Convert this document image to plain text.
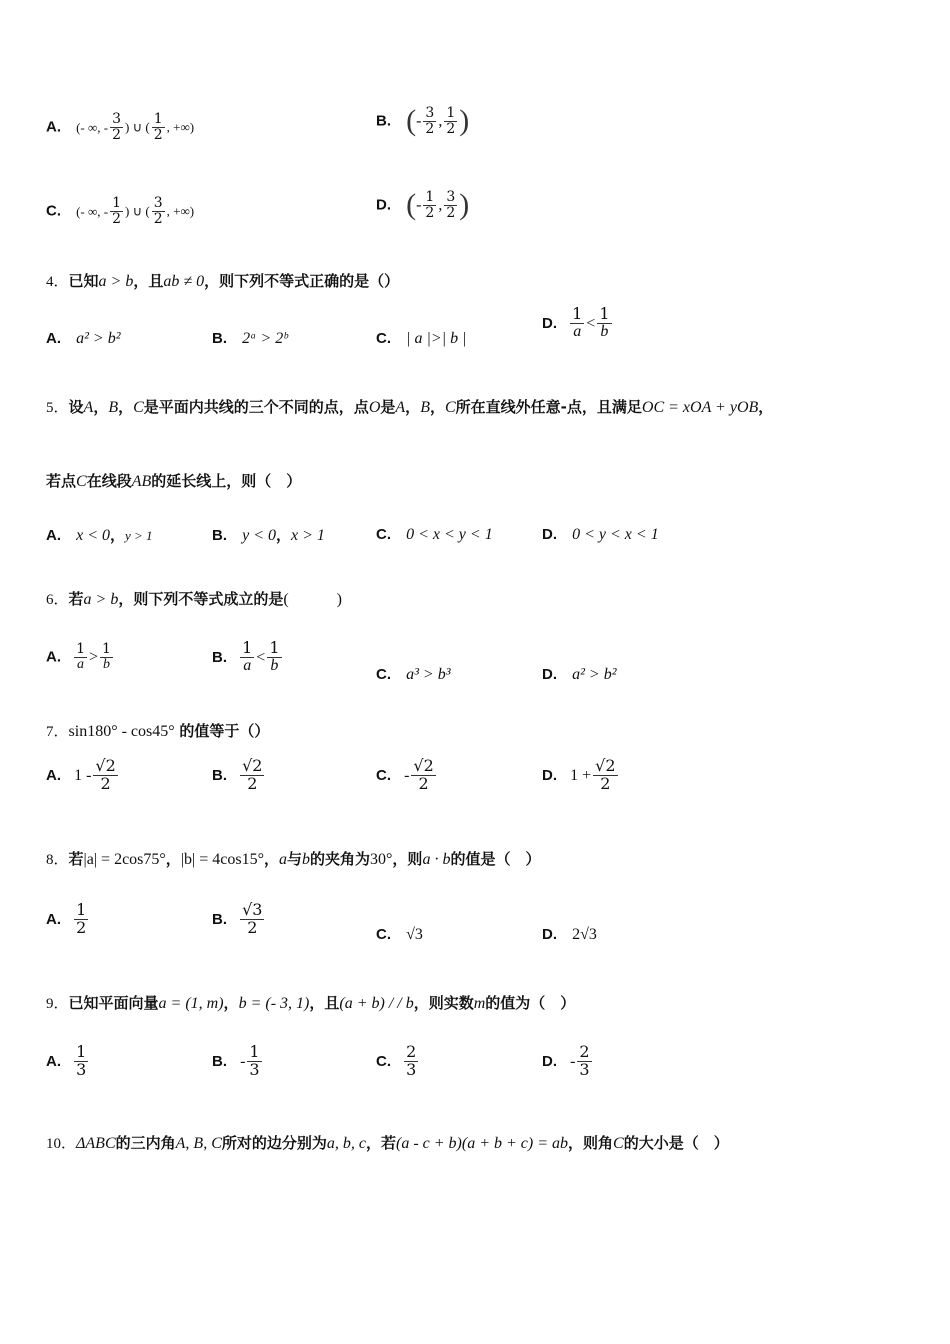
A. (- ∞, - $\frac{3}{2}$ ) ∪ ( $\frac{1}{2}$ , +∞)	B. (- $\frac{3}{2}$ , $\frac{1}{2}$ )
C. (- ∞, - $\frac{1}{2}$ ) ∪ ( $\frac{3}{2}$ , +∞)	D. (- $\frac{1}{2}$ , $\frac{3}{2}$ )
4．已知a > b，且ab ≠ 0，则下列不等式正确的是（）
A. a² > b²	B. 2ᵃ > 2ᵇ	C. | a |>| b |
D. $\frac{1}{a} < \frac{1}{b}$
5．设A，B，C是平面内共线的三个不同的点，点O是A，B，C所在直线外任意-点，且满足OC = xOA + yOB，
若点C在线段AB的延长线上，则（　）
A. x < 0，y > 1	B. y < 0，x > 1	C. 0 < x < y < 1	D. 0 < y < x < 1
6．若a > b，则下列不等式成立的是(　　　)
A. $\frac{1}{a} > \frac{1}{b}$	B. $\frac{1}{a} < \frac{1}{b}$	C. a³ > b³	D. a² > b²
7．sin180° - cos45° 的值等于（）
A. $1 - \frac{√2}{2}$	B. $\frac{√2}{2}$	C. - $\frac{√2}{2}$	D. $1 + \frac{√2}{2}$
8．若|a| = 2cos75°，|b| = 4cos15°，a与b的夹角为30°，则a · b的值是（　）
A. $\frac{1}{2}$	B. $\frac{√3}{2}$	C. √3	D. 2√3
9．已知平面向量a = (1, m)，b = (- 3, 1)，且(a + b) / / b，则实数m的值为（　）
A. $\frac{1}{3}$	B. - $\frac{1}{3}$	C. $\frac{2}{3}$	D. - $\frac{2}{3}$
10．ΔABC的三内角A, B, C所对的边分别为a, b, c，若(a - c + b)(a + b + c) = ab，则角C的大小是（　）
